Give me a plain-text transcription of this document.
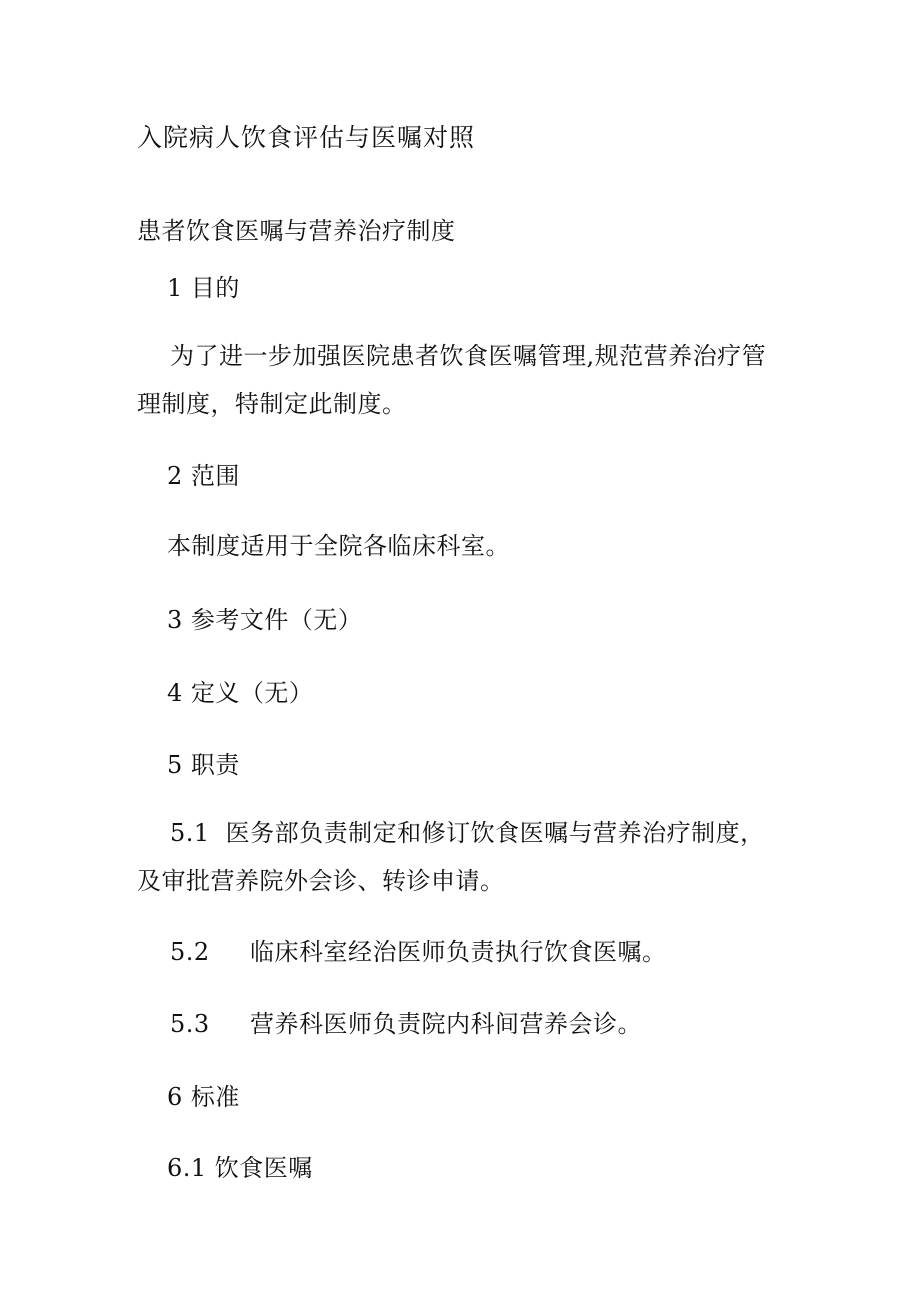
入院病人饮食评估与医嘱对照
患者饮食医嘱与营养治疗制度
1 目的
为了进一步加强医院患者饮食医嘱管理,规范营养治疗管
理制度，特制定此制度。
2 范围
本制度适用于全院各临床科室。
3 参考文件（无）
4 定义（无）
5 职责
5.1 医务部负责制定和修订饮食医嘱与营养治疗制度，
及审批营养院外会诊、转诊申请。
5.2 临床科室经治医师负责执行饮食医嘱。
5.3 营养科医师负责院内科间营养会诊。
6 标准
6.1 饮食医嘱
